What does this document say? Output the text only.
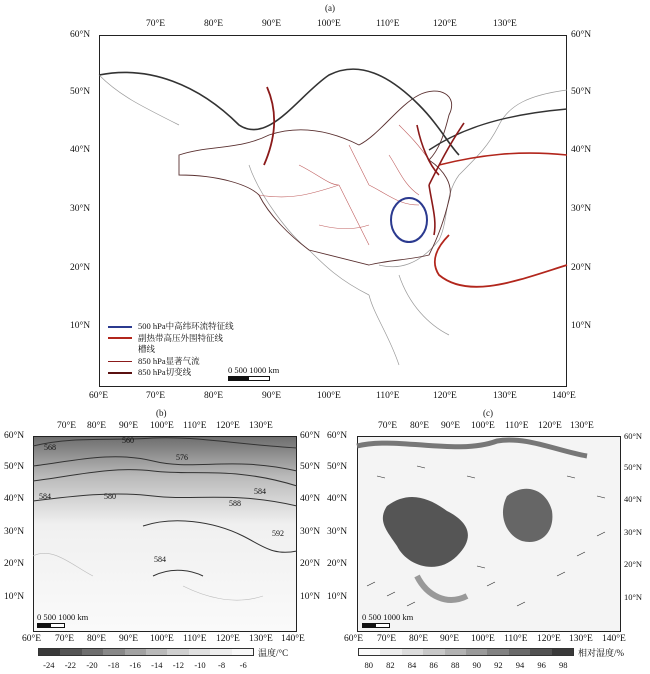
(a)
70°E	80°E	90°E	100°E	110°E	120°E	130°E
60°E	70°E	80°E	90°E	100°E	110°E	120°E	130°E	140°E
60°N
50°N
40°N
30°N
20°N
10°N
60°N
50°N
40°N
30°N
20°N
10°N
500 hPa中高纬环流特征线
副热带高压外围特征线
槽线
850 hPa显著气流
850 hPa切变线	0 500 1000 km
(b)
560
568
576
584	580
584
588
592
584
70°E 80°E 90°E 100°E 110°E 120°E 130°E
60°E 70°E 80°E 90°E 100°E 110°E 120°E 130°E 140°E
60°N
50°N
40°N
30°N
20°N
10°N
60°N
50°N
40°N
30°N
20°N
10°N
0 500 1000 km
温度/°C
-24 -22 -20 -18 -16 -14 -12 -10 -8 -6
(c)
70°E 80°E 90°E 100°E 110°E 120°E 130°E
60°E 70°E 80°E 90°E 100°E 110°E 120°E 130°E 140°E
60°N
50°N
40°N
30°N
20°N
10°N
60°N
50°N
40°N
30°N
20°N
10°N
0 500 1000 km
相对湿度/%
80 82 84 86 88 90 92 94 96 98
